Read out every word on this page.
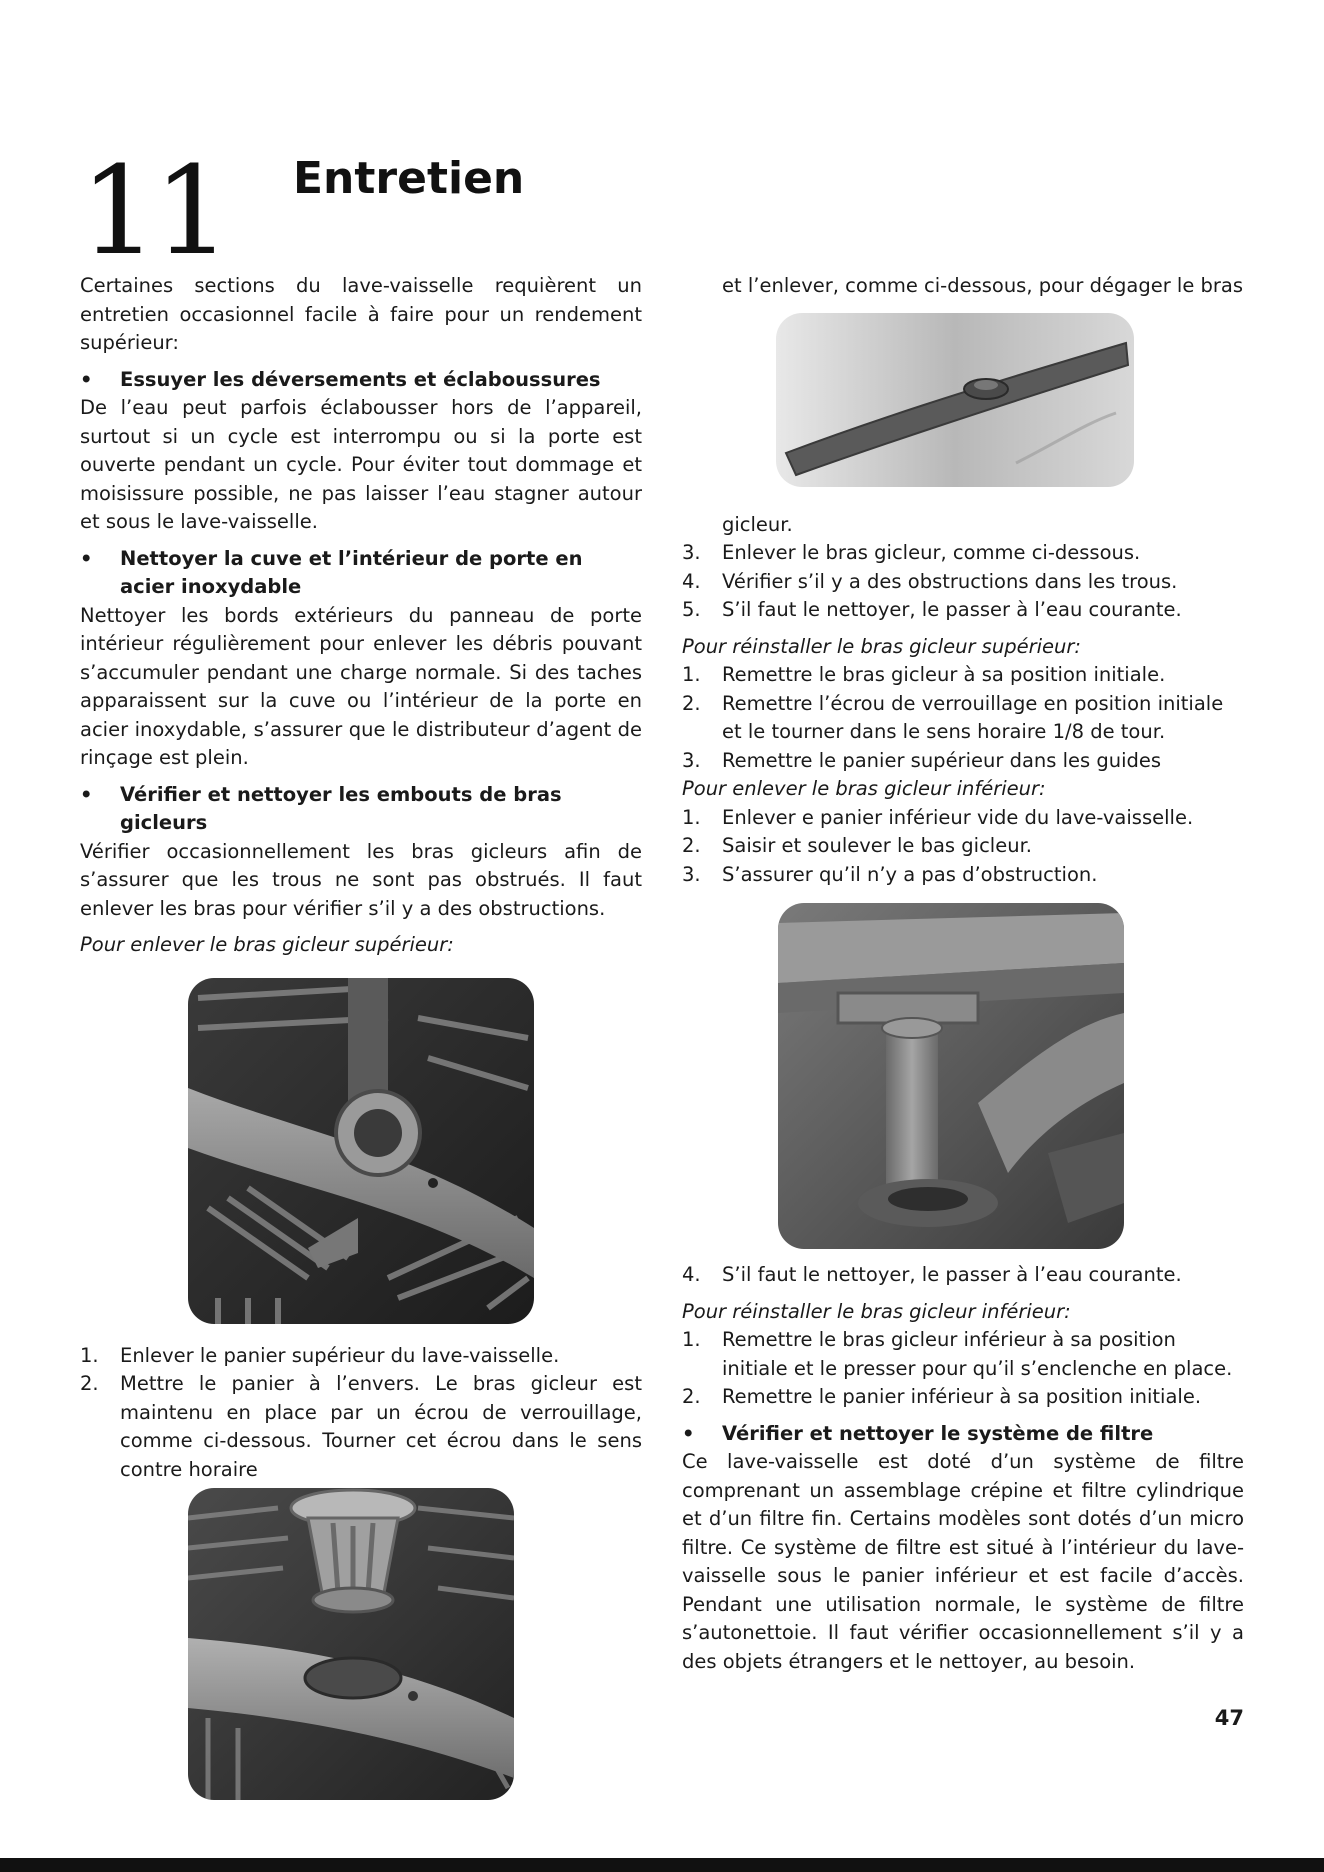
11 Entretien

Certaines sections du lave-vaisselle requièrent un entretien occasionnel facile à faire pour un rendement supérieur:

• Essuyer les déversements et éclaboussures

De l’eau peut parfois éclabousser hors de l’appareil, surtout si un cycle est interrompu ou si la porte est ouverte pendant un cycle. Pour éviter tout dommage et moisissure possible, ne pas laisser l’eau stagner autour et sous le lave-vaisselle.

• Nettoyer la cuve et l’intérieur de porte en acier inoxydable

Nettoyer les bords extérieurs du panneau de porte intérieur régulièrement pour enlever les débris pouvant s’accumuler pendant une charge normale. Si des taches apparaissent sur la cuve ou l’intérieur de la porte en acier inoxydable, s’assurer que le distributeur d’agent de rinçage est plein.

• Vérifier et nettoyer les embouts de bras gicleurs

Vérifier occasionnellement les bras gicleurs afin de s’assurer que les trous ne sont pas obstrués. Il faut enlever les bras pour vérifier s’il y a des obstructions.

Pour enlever le bras gicleur supérieur:

1. Enlever le panier supérieur du lave-vaisselle.
2. Mettre le panier à l’envers. Le bras gicleur est maintenu en place par un écrou de verrouillage, comme ci-dessous. Tourner cet écrou dans le sens contre horaire

et l’enlever, comme ci-dessous, pour dégager le bras

gicleur.

3. Enlever le bras gicleur, comme ci-dessous.
4. Vérifier s’il y a des obstructions dans les trous.
5. S’il faut le nettoyer, le passer à l’eau courante.

Pour réinstaller le bras gicleur supérieur:

1. Remettre le bras gicleur à sa position initiale.
2. Remettre l’écrou de verrouillage en position initiale et le tourner dans le sens horaire 1/8 de tour.
3. Remettre le panier supérieur dans les guides

Pour enlever le bras gicleur inférieur:

1. Enlever e panier inférieur vide du lave-vaisselle.
2. Saisir et soulever le bas gicleur.
3. S’assurer qu’il n’y a pas d’obstruction.
4. S’il faut le nettoyer, le passer à l’eau courante.

Pour réinstaller le bras gicleur inférieur:

1. Remettre le bras gicleur inférieur à sa position initiale et le presser pour qu’il s’enclenche en place.
2. Remettre le panier inférieur à sa position initiale.
• Vérifier et nettoyer le système de filtre

Ce lave-vaisselle est doté d’un système de filtre comprenant un assemblage crépine et filtre cylindrique et d’un filtre fin. Certains modèles sont dotés d’un micro filtre. Ce système de filtre est situé à l’intérieur du lave-vaisselle sous le panier inférieur et est facile d’accès. Pendant une utilisation normale, le système de filtre s’autonettoie. Il faut vérifier occasionnellement s’il y a des objets étrangers et le nettoyer, au besoin.

47
